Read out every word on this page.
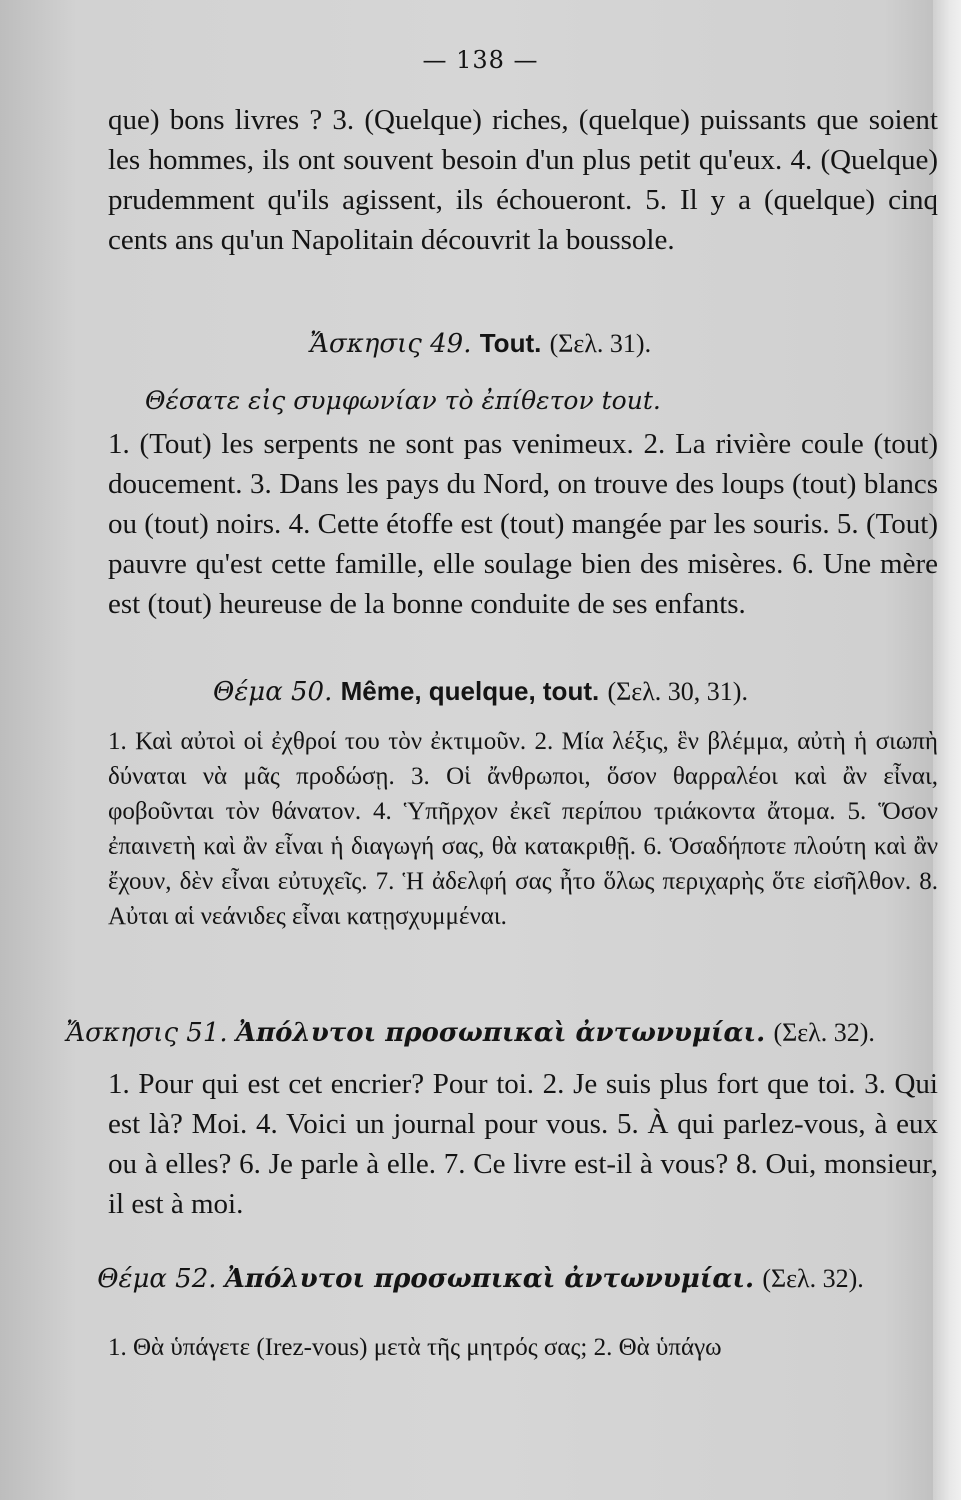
— 138 —

que) bons livres ? 3. (Quelque) riches, (quelque) puissants que soient les hommes, ils ont souvent besoin d'un plus petit qu'eux. 4. (Quelque) prudemment qu'ils agissent, ils échoueront. 5. Il y a (quelque) cinq cents ans qu'un Napolitain découvrit la boussole.

Ἄσκησις 49. Tout. (Σελ. 31).
Θέσατε εἰς συμφωνίαν τὸ ἐπίθετον tout.

1. (Tout) les serpents ne sont pas venimeux. 2. La rivière coule (tout) doucement. 3. Dans les pays du Nord, on trouve des loups (tout) blancs ou (tout) noirs. 4. Cette étoffe est (tout) mangée par les souris. 5. (Tout) pauvre qu'est cette famille, elle soulage bien des misères. 6. Une mère est (tout) heureuse de la bonne conduite de ses enfants.

Θέμα 50. Même, quelque, tout. (Σελ. 30, 31).

1. Καὶ αὐτοὶ οἱ ἐχθροί του τὸν ἐκτιμοῦν. 2. Μία λέξις, ἓν βλέμμα, αὐτὴ ἡ σιωπὴ δύναται νὰ μᾶς προδώσῃ. 3. Οἱ ἄνθρωποι, ὅσον θαρραλέοι καὶ ἂν εἶναι, φοβοῦνται τὸν θάνατον. 4. Ὑπῆρχον ἐκεῖ περίπου τριάκοντα ἄτομα. 5. Ὅσον ἐπαινετὴ καὶ ἂν εἶναι ἡ διαγωγή σας, θὰ κατακριθῇ. 6. Ὁσαδήποτε πλούτη καὶ ἂν ἔχουν, δὲν εἶναι εὐτυχεῖς. 7. Ἡ ἀδελφή σας ἦτο ὅλως περιχαρὴς ὅτε εἰσῆλθον. 8. Αὐται αἱ νεάνιδες εἶναι κατῃσχυμμέναι.

Ἄσκησις 51. Ἀπόλυτοι προσωπικαὶ ἀντωνυμίαι. (Σελ. 32).

1. Pour qui est cet encrier? Pour toi. 2. Je suis plus fort que toi. 3. Qui est là? Moi. 4. Voici un journal pour vous. 5. À qui parlez-vous, à eux ou à elles? 6. Je parle à elle. 7. Ce livre est-il à vous? 8. Oui, monsieur, il est à moi.

Θέμα 52. Ἀπόλυτοι προσωπικαὶ ἀντωνυμίαι. (Σελ. 32).

1. Θὰ ὑπάγετε (Irez-vous) μετὰ τῆς μητρός σας; 2. Θὰ ὑπάγω
